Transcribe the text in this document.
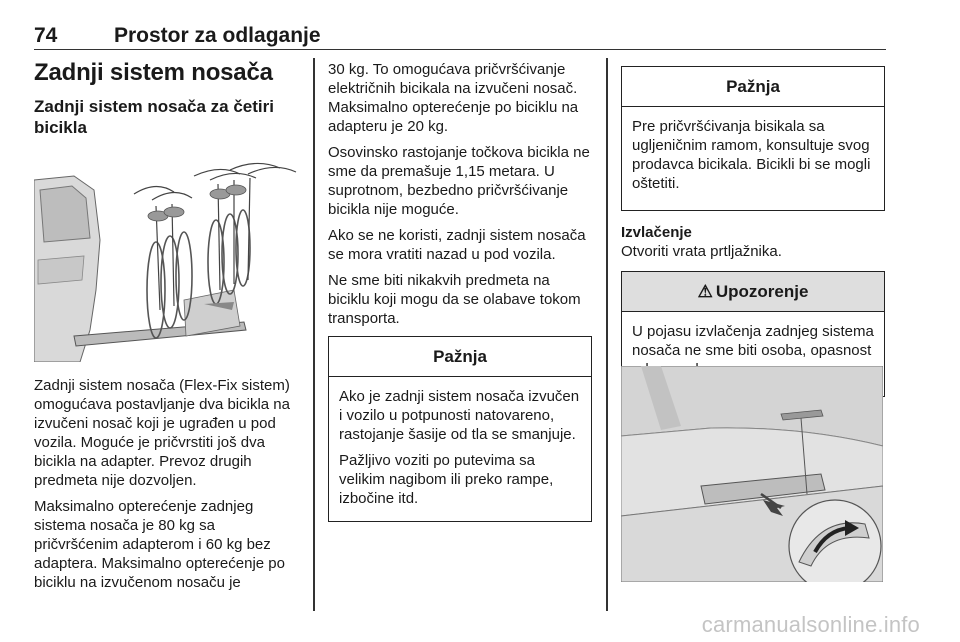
74	Prostor za odlaganje
Zadnji sistem nosača
Zadnji sistem nosača za četiri bicikla

Zadnji sistem nosača (Flex-Fix sistem) omogućava postavljanje dva bicikla na izvučeni nosač koji je ugrađen u pod vozila. Moguće je pričvrstiti još dva bicikla na adapter. Prevoz drugih predmeta nije dozvoljen.

Maksimalno opterećenje zadnjeg sistema nosača je 80 kg sa pričvršćenim adapterom i 60 kg bez adaptera. Maksimalno opterećenje po biciklu na izvučenom nosaču je

30 kg. To omogućava pričvršćivanje električnih bicikala na izvučeni nosač. Maksimalno opterećenje po biciklu na adapteru je 20 kg.

Osovinsko rastojanje točkova bicikla ne sme da premašuje 1,15 metara. U suprotnom, bezbedno pričvršćivanje bicikla nije moguće.

Ako se ne koristi, zadnji sistem nosača se mora vratiti nazad u pod vozila.

Ne sme biti nikakvih predmeta na biciklu koji mogu da se olabave tokom transporta.

Pažnja

Ako je zadnji sistem nosača izvučen i vozilo u potpunosti natovareno, rastojanje šasije od tla se smanjuje.

Pažljivo voziti po putevima sa velikim nagibom ili preko rampe, izbočine itd.

Pažnja

Pre pričvršćivanja bisikala sa ugljeničnim ramom, konsultuje svog prodavca bicikala. Bicikli bi se mogli oštetiti.

Izvlačenje

Otvoriti vrata prtljažnika.

⚠ Upozorenje

U pojasu izvlačenja zadnjeg sistema nosača ne sme biti osoba, opasnost

carmanualsonline.info
